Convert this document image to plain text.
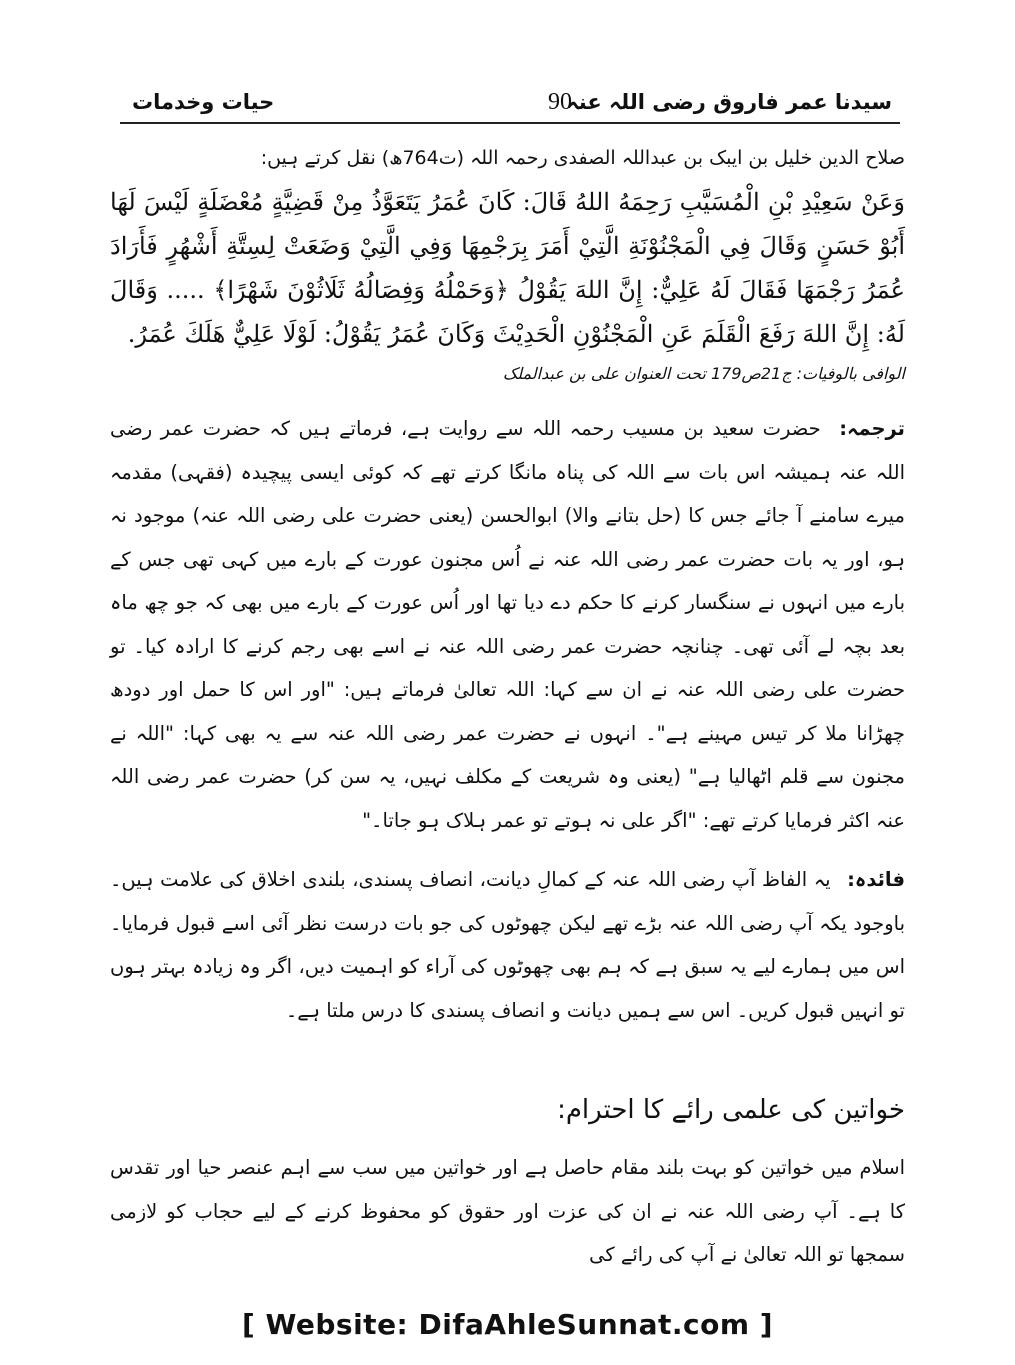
حیات وخدمات	90
سیدنا عمر فاروق رضی اللہ عنہ
صلاح الدین خلیل بن ایبک بن عبداللہ الصفدی رحمہ اللہ (ت764ھ) نقل کرتے ہیں:
وَعَنْ سَعِيْدِ بْنِ الْمُسَيَّبِ رَحِمَهُ اللهُ قَالَ: كَانَ عُمَرُ يَتَعَوَّذُ مِنْ قَضِيَّةٍ مُعْضَلَةٍ لَيْسَ لَهَا أَبُوْ حَسَنٍ وَقَالَ فِي الْمَجْنُوْنَةِ الَّتِيْ أَمَرَ بِرَجْمِهَا وَفِي الَّتِيْ وَضَعَتْ لِسِتَّةِ أَشْهُرٍ فَأَرَادَ عُمَرُ رَجْمَهَا فَقَالَ لَهُ عَلِيٌّ: إِنَّ اللهَ يَقُوْلُ ﴿وَحَمْلُهُ وَفِصَالُهُ ثَلَاثُوْنَ شَهْرًا﴾ ..... وَقَالَ لَهُ: إِنَّ اللهَ رَفَعَ الْقَلَمَ عَنِ الْمَجْنُوْنِ الْحَدِيْثَ وَكَانَ عُمَرُ يَقُوْلُ: لَوْلَا عَلِيٌّ هَلَكَ عُمَرُ.
الوافی بالوفیات: ج21ص179 تحت العنوان علی بن عبدالملک
ترجمہ: حضرت سعید بن مسیب رحمہ اللہ سے روایت ہے، فرماتے ہیں کہ حضرت عمر رضی اللہ عنہ ہمیشہ اس بات سے اللہ کی پناہ مانگا کرتے تھے کہ کوئی ایسی پیچیدہ (فقہی) مقدمہ میرے سامنے آ جائے جس کا (حل بتانے والا) ابوالحسن (یعنی حضرت علی رضی اللہ عنہ) موجود نہ ہو، اور یہ بات حضرت عمر رضی اللہ عنہ نے اُس مجنون عورت کے بارے میں کہی تھی جس کے بارے میں انہوں نے سنگسار کرنے کا حکم دے دیا تھا اور اُس عورت کے بارے میں بھی کہ جو چھ ماہ بعد بچہ لے آئی تھی۔ چنانچہ حضرت عمر رضی اللہ عنہ نے اسے بھی رجم کرنے کا ارادہ کیا۔ تو حضرت علی رضی اللہ عنہ نے ان سے کہا: اللہ تعالیٰ فرماتے ہیں: "اور اس کا حمل اور دودھ چھڑانا ملا کر تیس مہینے ہے"۔ انہوں نے حضرت عمر رضی اللہ عنہ سے یہ بھی کہا: "اللہ نے مجنون سے قلم اٹھالیا ہے" (یعنی وہ شریعت کے مکلف نہیں، یہ سن کر) حضرت عمر رضی اللہ عنہ اکثر فرمایا کرتے تھے: "اگر علی نہ ہوتے تو عمر ہلاک ہو جاتا۔"
فائدہ: یہ الفاظ آپ رضی اللہ عنہ کے کمالِ دیانت، انصاف پسندی، بلندی اخلاق کی علامت ہیں۔ باوجود یکہ آپ رضی اللہ عنہ بڑے تھے لیکن چھوٹوں کی جو بات درست نظر آئی اسے قبول فرمایا۔ اس میں ہمارے لیے یہ سبق ہے کہ ہم بھی چھوٹوں کی آراء کو اہمیت دیں، اگر وہ زیادہ بہتر ہوں تو انہیں قبول کریں۔ اس سے ہمیں دیانت و انصاف پسندی کا درس ملتا ہے۔
خواتین کی علمی رائے کا احترام:
اسلام میں خواتین کو بہت بلند مقام حاصل ہے اور خواتین میں سب سے اہم عنصر حیا اور تقدس کا ہے۔ آپ رضی اللہ عنہ نے ان کی عزت اور حقوق کو محفوظ کرنے کے لیے حجاب کو لازمی سمجھا تو اللہ تعالیٰ نے آپ کی رائے کی
[ Website: DifaAhleSunnat.com ]
